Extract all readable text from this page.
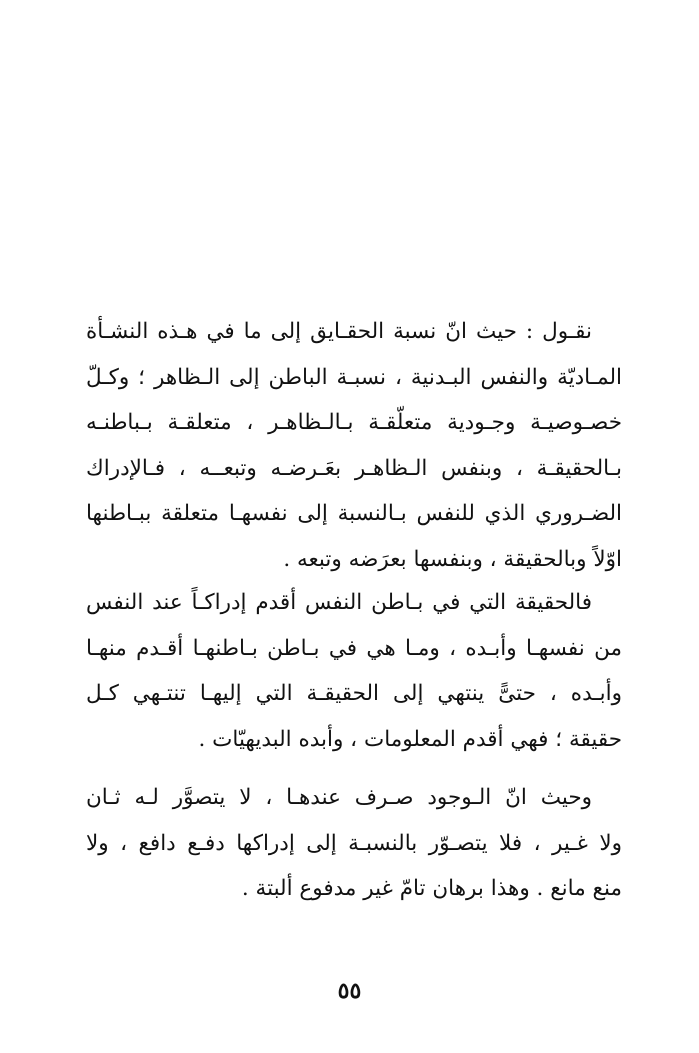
نقـول : حيث انّ نسبة الحقـايق إلى ما في هـذه النشـأة
المـاديّة والنفس البـدنية ، نسبـة الباطن إلى الـظاهر ؛ وكـلّ
خصـوصيـة وجـودية متعلّقـة بـالـظاهـر ، متعلقـة بـباطنـه
بـالحقيقـة ، وبنفس الـظاهـر بعَـرضـه وتبعــه ، فـالإدراك
الضـروري الذي للنفس بـالنسبة إلى نفسهـا متعلقة ببـاطنها
اوّلاً وبالحقيقة ، وبنفسها بعرَضه وتبعه .
فالحقيقة التي في بـاطن النفس أقدم إدراكـاً عند النفس
من نفسهـا وأبـده ، ومـا هي في بـاطن بـاطنهـا أقـدم منهـا
وأبـده ، حتىًّ ينتهي إلى الحقيقـة التي إليهـا تنتـهي كـل
حقيقة ؛ فهي أقدم المعلومات ، وأبده البديهيّات .
وحيث انّ الـوجود صـرف عندهـا ، لا يتصوَّر لـه ثـان
ولا غـير ، فلا يتصـوّر بالنسبـة إلى إدراكها دفـع دافع ، ولا
منع مانع . وهذا برهان تامّ غير مدفوع ألبتة .
٥٥
